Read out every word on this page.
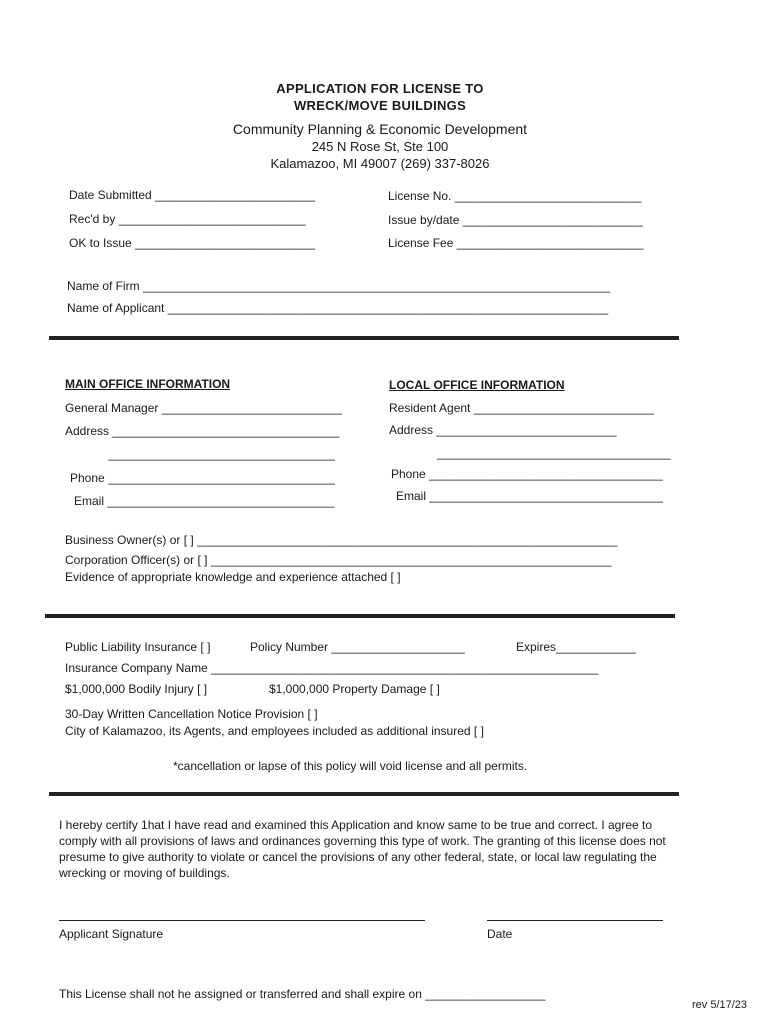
APPLICATION FOR LICENSE TO
WRECK/MOVE BUILDINGS
Community Planning & Economic Development
245 N Rose St, Ste 100
Kalamazoo, MI 49007 (269) 337-8026
Date Submitted ________________________
Rec'd by ____________________________
OK to Issue ___________________________
License No. ____________________________
Issue by/date ___________________________
License Fee ____________________________
Name of Firm ______________________________________________________________________
Name of Applicant __________________________________________________________________
MAIN OFFICE INFORMATION
General Manager ___________________________
Address __________________________________
__________________________________
Phone __________________________________
Email __________________________________
LOCAL OFFICE INFORMATION
Resident Agent ___________________________
Address ___________________________
___________________________________
Phone ___________________________________
Email ___________________________________
Business Owner(s) or [ ] _______________________________________________________________
Corporation Officer(s) or [ ] ____________________________________________________________
Evidence of appropriate knowledge and experience attached [ ]
Public Liability Insurance [ ]	Policy Number ____________________	Expires____________
Insurance Company Name __________________________________________________________
$1,000,000 Bodily Injury [ ]	$1,000,000 Property Damage [ ]
30-Day Written Cancellation Notice Provision [ ]
City of Kalamazoo, its Agents, and employees included as additional insured [ ]
*cancellation or lapse of this policy will void license and all permits.
I hereby certify 1hat I have read and examined this Application and know same to be true and correct. I agree to comply with all provisions of laws and ordinances governing this type of work. The granting of this license does not presume to give authority to violate or cancel the provisions of any other federal, state, or local law regulating the wrecking or moving of buildings.
Applicant Signature	Date
This License shall not he assigned or transferred and shall expire on __________________
rev 5/17/23
